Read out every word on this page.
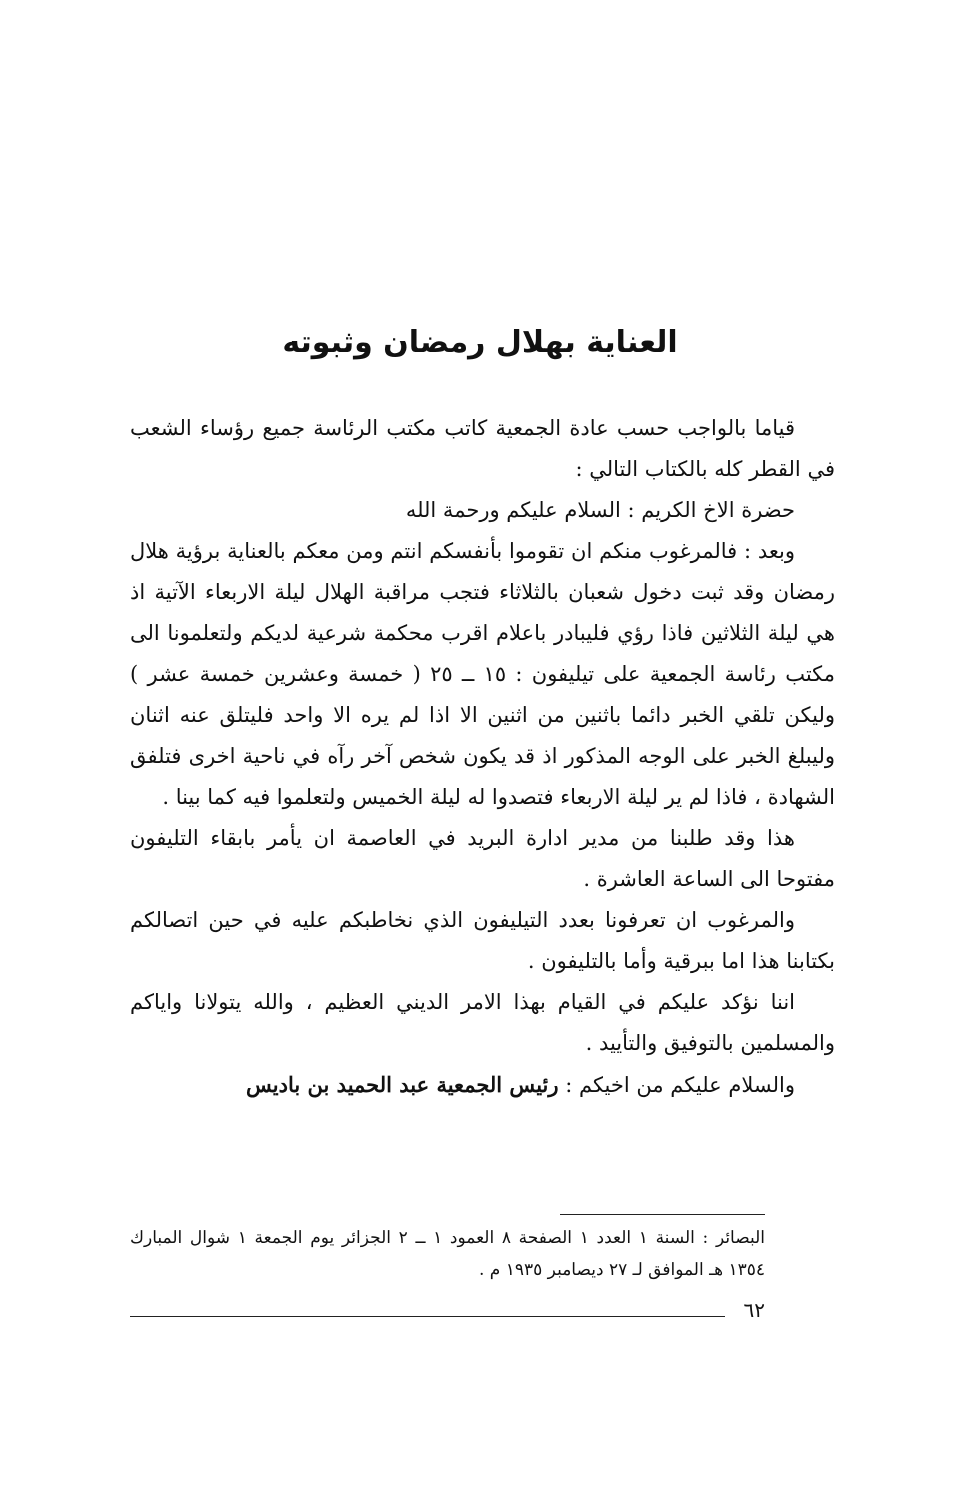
العناية بهلال رمضان وثبوته

قياما بالواجب حسب عادة الجمعية كاتب مكتب الرئاسة جميع رؤساء الشعب في القطر كله بالكتاب التالي :

حضرة الاخ الكريم : السلام عليكم ورحمة الله

وبعد : فالمرغوب منكم ان تقوموا بأنفسكم انتم ومن معكم بالعناية برؤية هلال رمضان وقد ثبت دخول شعبان بالثلاثاء فتجب مراقبة الهلال ليلة الاربعاء الآتية اذ هي ليلة الثلاثين فاذا رؤي فليبادر باعلام اقرب محكمة شرعية لديكم ولتعلمونا الى مكتب رئاسة الجمعية على تيليفون : ١٥ ــ ٢٥ ( خمسة وعشرين خمسة عشر ) وليكن تلقي الخبر دائما باثنين من اثنين الا اذا لم يره الا واحد فليتلق عنه اثنان وليبلغ الخبر على الوجه المذكور اذ قد يكون شخص آخر رآه في ناحية اخرى فتلفق الشهادة ، فاذا لم ير ليلة الاربعاء فتصدوا له ليلة الخميس ولتعلموا فيه كما بينا .

هذا وقد طلبنا من مدير ادارة البريد في العاصمة ان يأمر بابقاء التليفون مفتوحا الى الساعة العاشرة .

والمرغوب ان تعرفونا بعدد التيليفون الذي نخاطبكم عليه في حين اتصالكم بكتابنا هذا اما ببرقية وأما بالتليفون .

اننا نؤكد عليكم في القيام بهذا الامر الديني العظيم ، والله يتولانا واياكم والمسلمين بالتوفيق والتأييد .

والسلام عليكم من اخيكم : رئيس الجمعية عبد الحميد بن باديس

البصائر : السنة ١ العدد ١ الصفحة ٨ العمود ١ ــ ٢ الجزائر يوم الجمعة ١ شوال المبارك ١٣٥٤ هـ الموافق لـ ٢٧ ديصامبر ١٩٣٥ م .

٦٢
